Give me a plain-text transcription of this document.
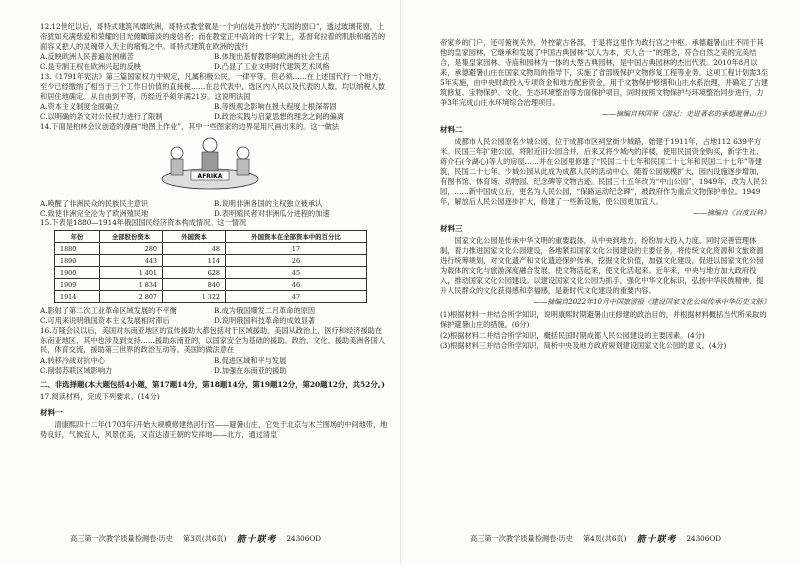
12.12世纪以后，哥特式建筑风靡欧洲，哥特式教堂就是一个向信徒开放的“天国的窗口”，透过玻璃花窗，上帝犹如充满慈爱和荣耀的目光俯瞰暗淡的虔信者；而在教堂正中高耸的十字架上，基督耷拉着的肌肤和痛苦的面容又把人的灵魂带入天主的痛悔之中。哥特式建筑在欧洲的流行

A.反映欧洲人民普遍贫困痛苦	B.体现出基督教影响欧洲的社会生活
C.是专制王权在欧洲兴起的反映	D.凸显了工业文明时代建筑艺术风格

13.《1791年宪法》第三篇国家权力中规定，凡属积极公民，一律平等，但必须……在上述国代行一个地方，至少已经缴纳了相当于三个工作日价值的直接税……在总代表中，选区内人民以及代表的人数，均以纳税人数和居住地确定。从自由到平等，历经近乎须年满21岁。这说明法国

A.资本主义制度全面确立	B.等级观念影响在报大程度上根深蒂固
C.以明确的条文对公民权力进行了限制	D.政治实践与启蒙思想的理念之间的偏离

14.下面是柏林会议创造的漫画“地图上作业”，其中一些图家的边界是用尺画出来的。这一做法

AFRIKA
A.唤醒了非洲民众的民族民主意识	B.说明非洲各国的主权独立被承认
C.致使非洲完全沦为了欧洲殖民地	D.表明殖民者对非洲瓜分进程的加速

15.下表是1880—1914年俄国国民经济资本构成情况。这一情况

年份	全部股份资本	外国资本	外国资本在全部资本中的百分比
1880	280	48	17
1890	443	114	26
1900	1 401	628	45
1909	1 834	840	46
1914	2 807	1 322	47
A.影射了第二次工业革命区域发展的不平衡	B.成为俄国爆发二月革命的原因
C.可用来说明俄国资本主义发展相对滞后	D.说明俄国科技革命的成效显著

16.万隆会议以后，美国对东南亚地区的宣传援助大都包括对于区域援助，美国从政治上，医疗和经济援助在东南亚地区，其中也涉及到支持……援助东南亚的，以国家安全为基础的援助。政治、文化、援助美洲各国人民，体育交流，援助第三世界的政治互动等。美国的做法意在

A.转移冷战对抗中心	B.促进区域和平与发展
C.削弱苏联区域影响力	D.加强在东南亚的援助

二、非选择题(本大题包括4小题，第17题14分，第18题14分，第19题12分，第20题12分，共52分。)

17.阅读材料，完成下列要求。(14分)

材料一

清康熙四十二年(1703年)开始大规模修建热河行宫——避暑山庄，它处于北京与木兰围场的中间地带，地势良好，气候宜人，风景优美，又直达清王朝的发祥地——北方，通过清皇

高三第一次教学质量检测卷·历史 第3页(共6页) 箭十联考 24306OD

帝家乡的门户，还可俯视关外，外控蒙古各部，于是将这里作为政行宫之中枢。承德避暑山庄不同于其他的皇家园林，它继承和发展了中国古典园林“以人为本，天人合一”的理念，符合自然之美的完美结合，是集皇家园林、寺庙和园林为一体的大型古典园林，是中国古典园林的杰出代表。2010年8月以来，承德避暑山庄在国家文物局的指导下，实施了省部级保护文物修复工程等业务。这项工程计划需3至5年实施，由中央财政投入专项资金和地方配套资金，用于文物保护修缮和山庄水系治理，并确定了古建筑修复、宝物保护、文化、生态环境整治等方面保护项目，同时按照文物保护与环境整治同步进行，力争3年完成山庄水环境综合治理项目。

——摘编自林国荣《游记：走进著名的承德避暑山庄》

材料二

成都市人民公园原名少城公园，位于成都市区祠堂街少城路，始建于1911年，占地112 639平方米。民国三年扩建公园，将附近旧公园合并，后来又将少城内的洋楼，使用民国资金购买，新学生社、蒋介石(今湖心)等人的房屋……并在公园里修建了“民国二十七年和民国二十七年和民国二十七年”等建筑，民国二十七年。少城公园从此成为成都人民的活动中心，随着公园规模扩大，园内设施逐步增加，有图书馆、体育场、动物园、纪念碑等文物古迹。民国三十五年改为“中山公园”，1949年，改为人民公园，……新中国成立后，更名为人民公园，“保路运动纪念碑”，被政府作为重点文物保护单位。1949年，解放后人民公园逐步扩大，修建了一些新设施，使公园更加宜人。

——摘编自《百度百科》

材料三

国家文化公园是传承中华文明的重要载体，从中央到地方，纷纷加大投入力度、同时完善管理体制，着力推进国家文化公园建设，各地紧扣国家文化公园建设的主要任务，将传统文化资源和文旅资源进行统筹规划，对文化遗产和文化遗迹保护传承，挖掘文化价值，加强文化建设，促进以国家文化公园为载体的文化与旅游深度融合发展，使文物活起来，使文化活起来。近年来，中央与地方加大政府投入，推动国家文化公园建设。以建设国家文化公园为抓手，强化中华文化标识，弘扬中华民族精神，提升人民群众的文化获得感和幸福感，是新时代文化建设的重要内容。

——摘编自2022年10月中国旅游报《建设国家文化公园传承中华历史文脉》

(1)根据材料一并结合所学知识，说明康熙时期避暑山庄修建的政治目的，并根据材料概括当代所采取的保护避暑山庄的措施。(6分)

(2)根据材料二并结合所学知识，概括民国时期成都人民公园建设的主要因素。(4分)

(3)根据材料三并结合所学知识，简析中央及地方政府规划建设国家文化公园的意义。(4分)

高三第一次教学质量检测卷·历史 第4页(共6页) 箭十联考 24306OD
